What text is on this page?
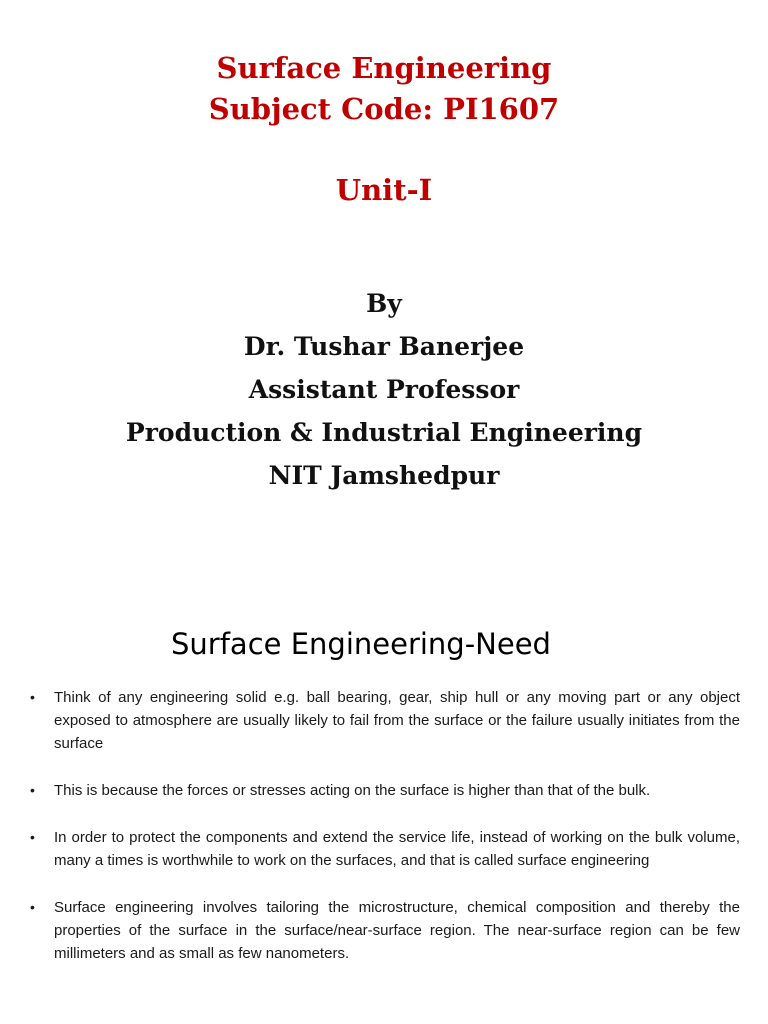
Surface Engineering
Subject Code: PI1607
Unit-I
By
Dr. Tushar Banerjee
Assistant Professor
Production & Industrial Engineering
NIT Jamshedpur
Surface Engineering-Need
•	Think of any engineering solid e.g. ball bearing, gear, ship hull or any moving part or any object exposed to atmosphere are usually likely to fail from the surface or the failure usually initiates from the surface
•	This is because the forces or stresses acting on the surface is higher than that of the bulk.
•	In order to protect the components and extend the service life, instead of working on the bulk volume, many a times is worthwhile to work on the surfaces, and that is called surface engineering
•	Surface engineering involves tailoring the microstructure, chemical composition and thereby the properties of the surface in the surface/near-surface region. The near-surface region can be few millimeters and as small as few nanometers.
